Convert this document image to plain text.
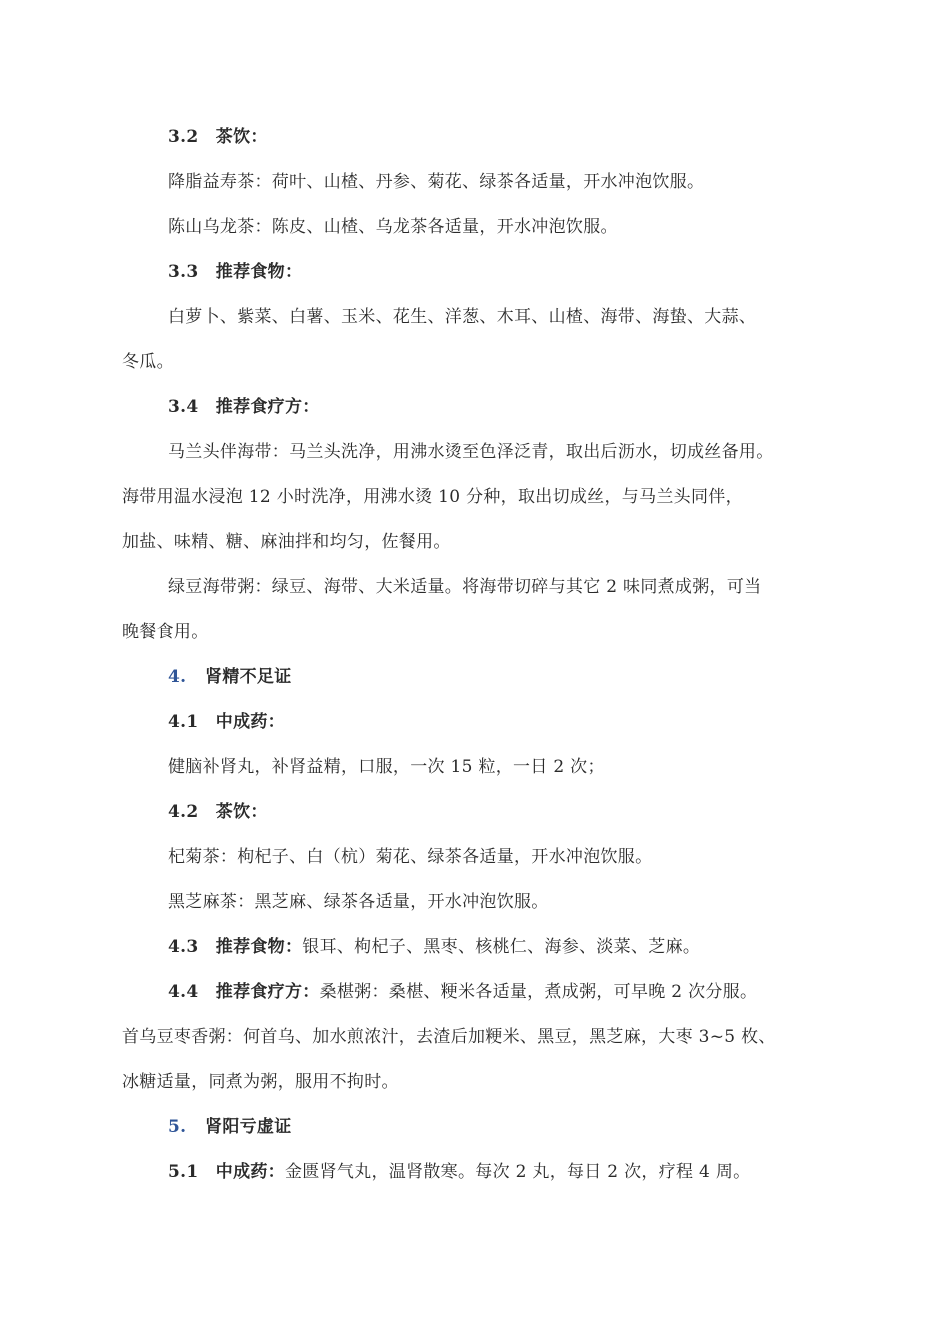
3.2　茶饮：
降脂益寿茶：荷叶、山楂、丹参、菊花、绿茶各适量，开水冲泡饮服。
陈山乌龙茶：陈皮、山楂、乌龙茶各适量，开水冲泡饮服。
3.3　推荐食物：
白萝卜、紫菜、白薯、玉米、花生、洋葱、木耳、山楂、海带、海蛰、大蒜、
冬瓜。
3.4　推荐食疗方：
马兰头伴海带：马兰头洗净，用沸水烫至色泽泛青，取出后沥水，切成丝备用。
海带用温水浸泡 12 小时洗净，用沸水烫 10 分种，取出切成丝，与马兰头同伴，
加盐、味精、糖、麻油拌和均匀，佐餐用。
绿豆海带粥：绿豆、海带、大米适量。将海带切碎与其它 2 味同煮成粥，可当
晚餐食用。
4. 肾精不足证
4.1　中成药：
健脑补肾丸，补肾益精，口服，一次 15 粒，一日 2 次；
4.2　茶饮：
杞菊茶：枸杞子、白（杭）菊花、绿茶各适量，开水冲泡饮服。
黑芝麻茶：黑芝麻、绿茶各适量，开水冲泡饮服。
4.3　推荐食物：银耳、枸杞子、黑枣、核桃仁、海参、淡菜、芝麻。
4.4　推荐食疗方：桑椹粥：桑椹、粳米各适量，煮成粥，可早晚 2 次分服。
首乌豆枣香粥：何首乌、加水煎浓汁，去渣后加粳米、黑豆，黑芝麻，大枣 3~5 枚、
冰糖适量，同煮为粥，服用不拘时。
5. 肾阳亏虚证
5.1　中成药：金匮肾气丸，温肾散寒。每次 2 丸，每日 2 次，疗程 4 周。
